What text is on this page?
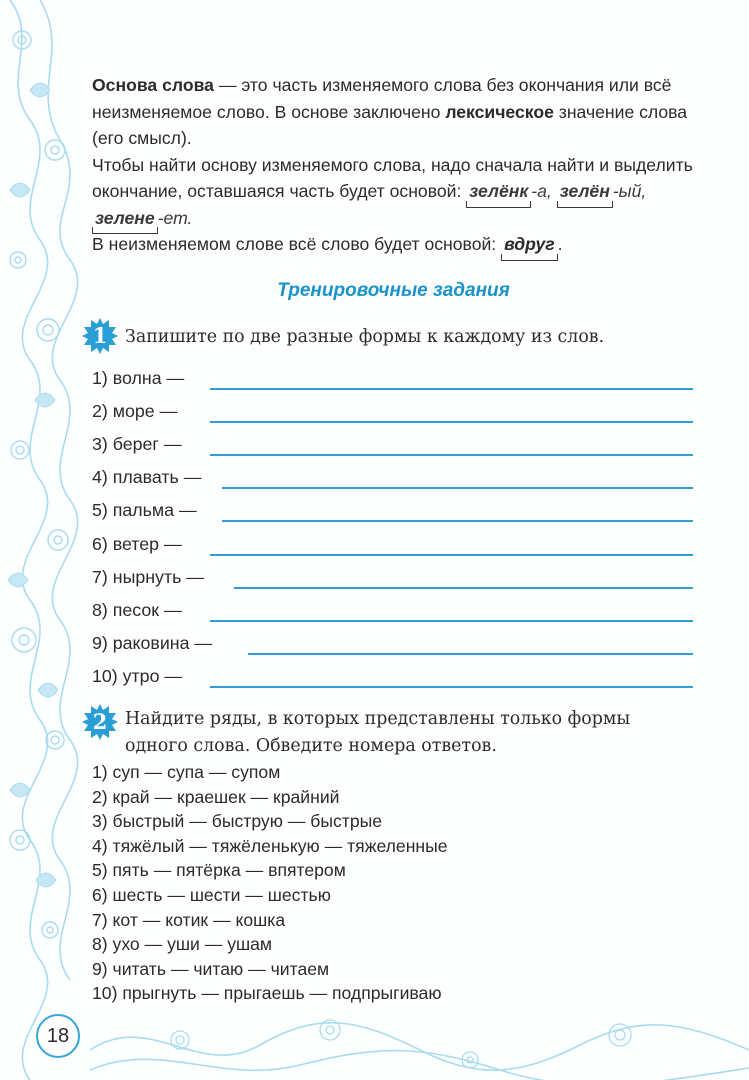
Основа слова — это часть изменяемого слова без окончания или всё неизменяемое слово. В основе заключено лексическое значение слова (его смысл).

Чтобы найти основу изменяемого слова, надо сначала найти и выделить окончание, оставшаяся часть будет основой: зелёнк -а, зелён -ый, зелене -ет.

В неизменяемом слове всё слово будет основой: вдруг .

Тренировочные задания
1	Запишите по две разные формы к каждому из слов.
1) волна —
2) море —
3) берег —
4) плавать —
5) пальма —
6) ветер —
7) нырнуть —
8) песок —
9) раковина —
10) утро —
2	Найдите ряды, в которых представлены только формы
одного слова. Обведите номера ответов.
1) суп — супа — супом
2) край — краешек — крайний
3) быстрый — быструю — быстрые
4) тяжёлый — тяжёленькую — тяжеленные
5) пять — пятёрка — впятером
6) шесть — шести — шестью
7) кот — котик — кошка
8) ухо — уши — ушам
9) читать — читаю — читаем
10) прыгнуть — прыгаешь — подпрыгиваю
18
